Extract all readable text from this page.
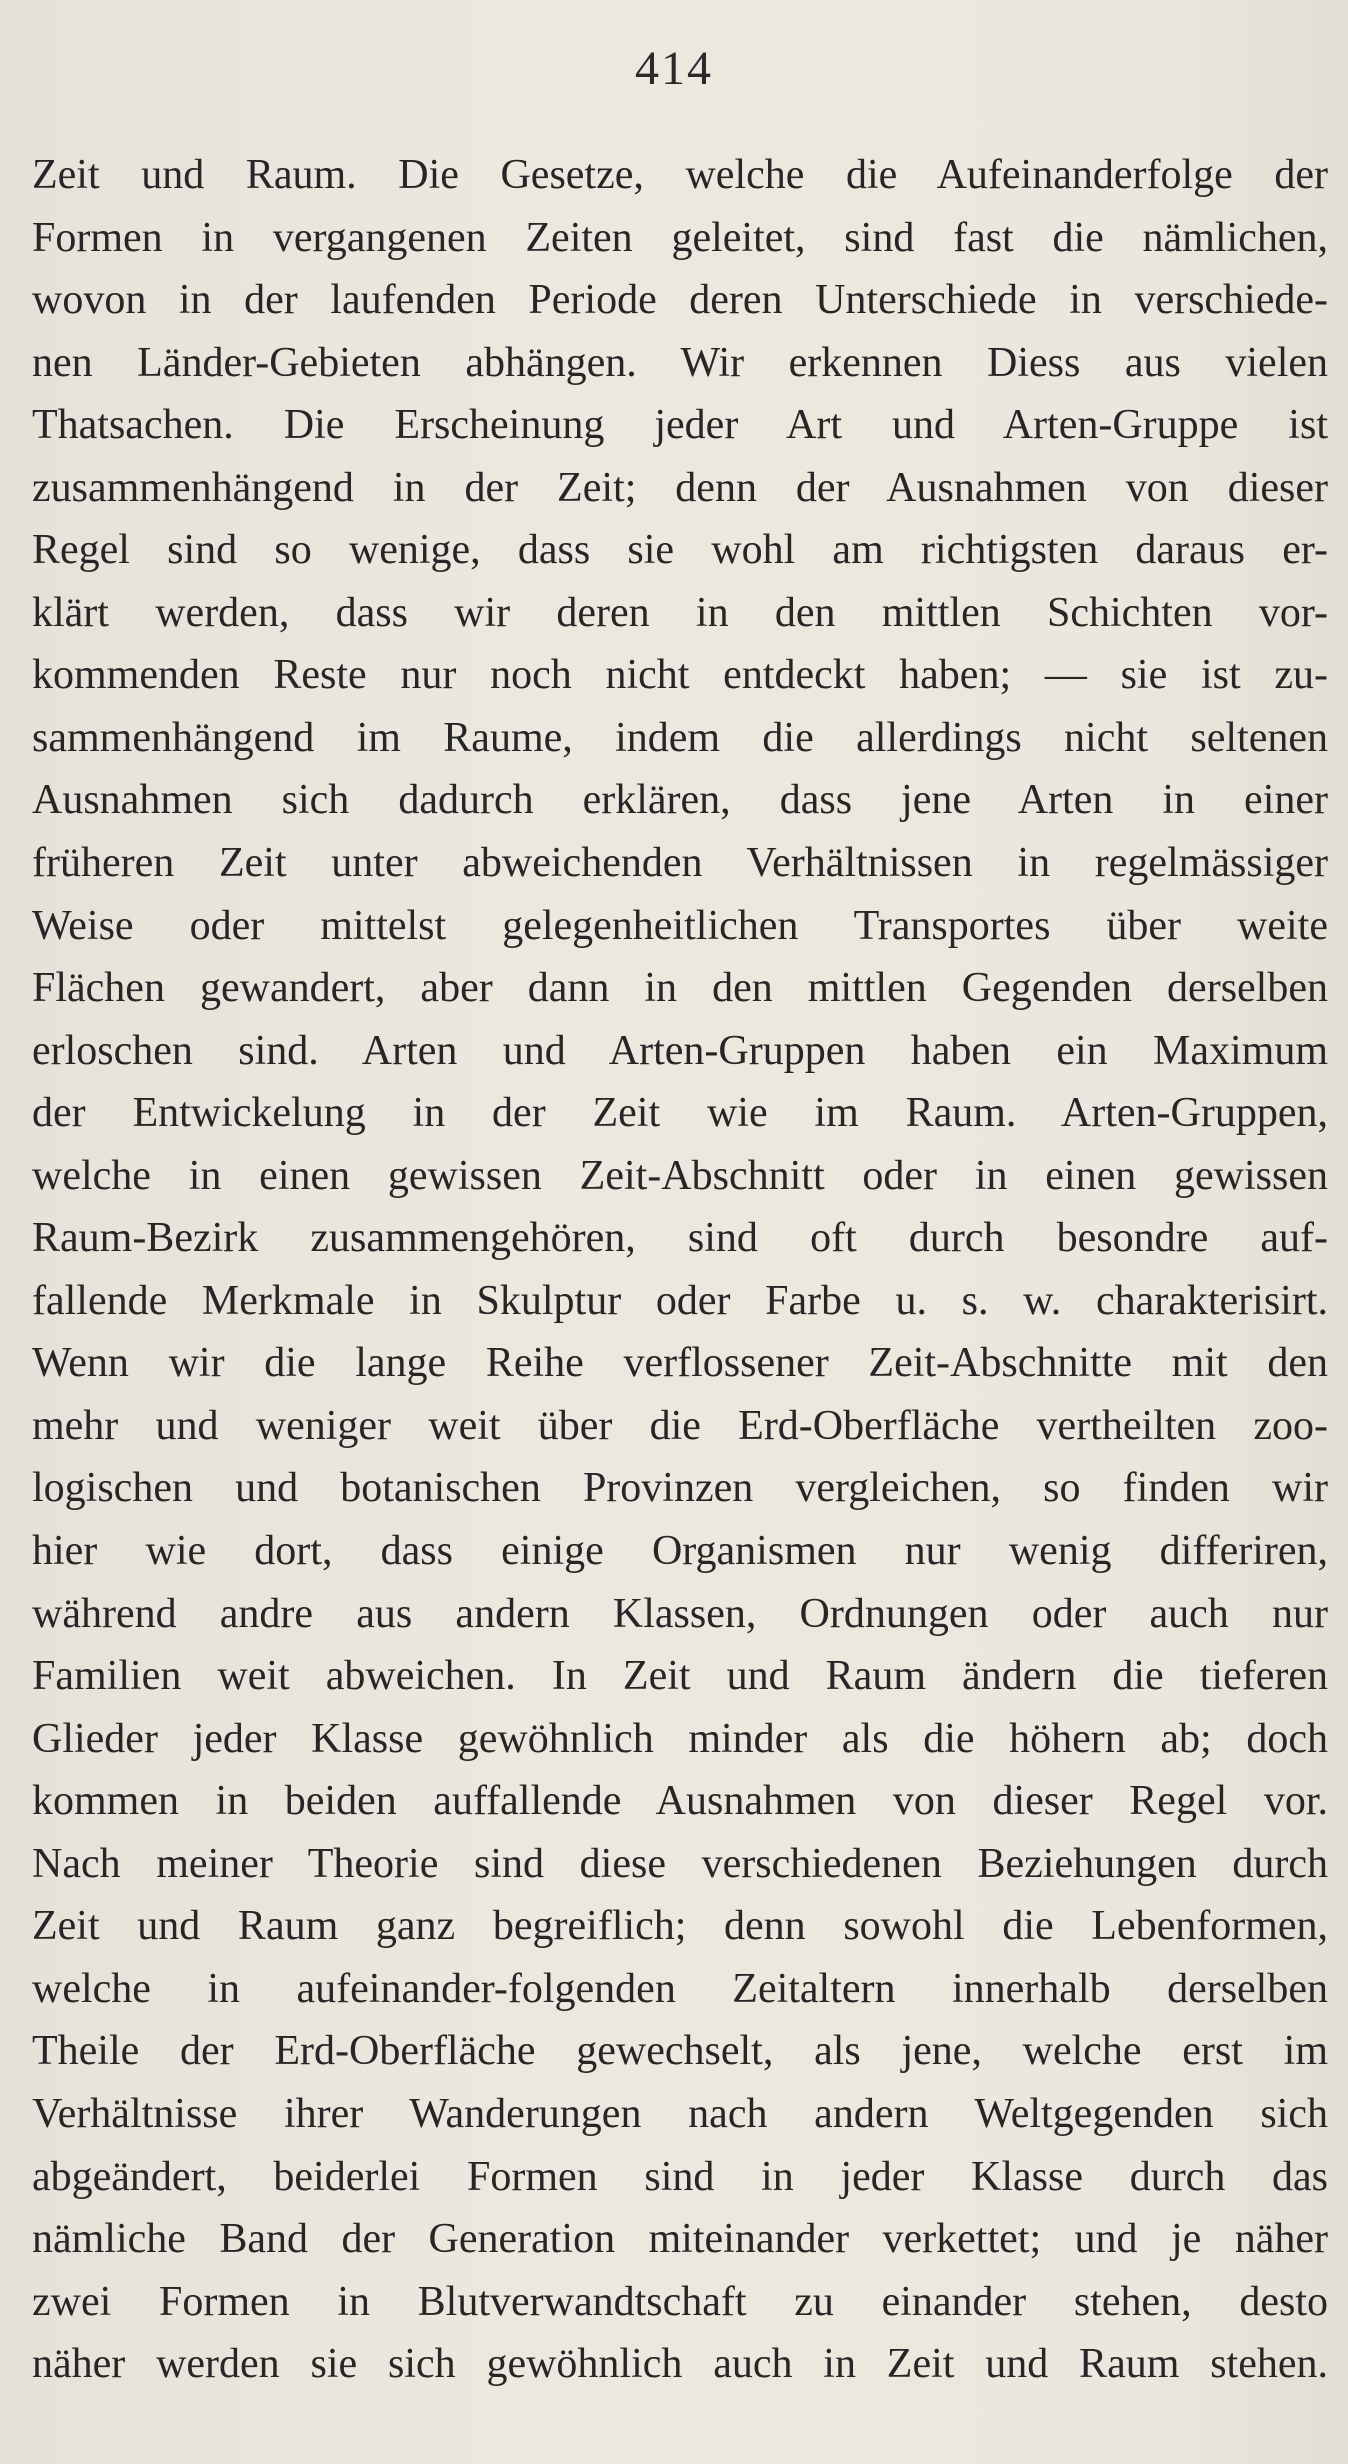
414
Zeit und Raum. Die Gesetze, welche die Aufeinanderfolge der
Formen in vergangenen Zeiten geleitet, sind fast die nämlichen,
wovon in der laufenden Periode deren Unterschiede in verschiede-
nen Länder-Gebieten abhängen. Wir erkennen Diess aus vielen
Thatsachen. Die Erscheinung jeder Art und Arten-Gruppe ist
zusammenhängend in der Zeit; denn der Ausnahmen von dieser
Regel sind so wenige, dass sie wohl am richtigsten daraus er-
klärt werden, dass wir deren in den mittlen Schichten vor-
kommenden Reste nur noch nicht entdeckt haben; — sie ist zu-
sammenhängend im Raume, indem die allerdings nicht seltenen
Ausnahmen sich dadurch erklären, dass jene Arten in einer
früheren Zeit unter abweichenden Verhältnissen in regelmässiger
Weise oder mittelst gelegenheitlichen Transportes über weite
Flächen gewandert, aber dann in den mittlen Gegenden derselben
erloschen sind. Arten und Arten-Gruppen haben ein Maximum
der Entwickelung in der Zeit wie im Raum. Arten-Gruppen,
welche in einen gewissen Zeit-Abschnitt oder in einen gewissen
Raum-Bezirk zusammengehören, sind oft durch besondre auf-
fallende Merkmale in Skulptur oder Farbe u. s. w. charakterisirt.
Wenn wir die lange Reihe verflossener Zeit-Abschnitte mit den
mehr und weniger weit über die Erd-Oberfläche vertheilten zoo-
logischen und botanischen Provinzen vergleichen, so finden wir
hier wie dort, dass einige Organismen nur wenig differiren,
während andre aus andern Klassen, Ordnungen oder auch nur
Familien weit abweichen. In Zeit und Raum ändern die tieferen
Glieder jeder Klasse gewöhnlich minder als die höhern ab; doch
kommen in beiden auffallende Ausnahmen von dieser Regel vor.
Nach meiner Theorie sind diese verschiedenen Beziehungen durch
Zeit und Raum ganz begreiflich; denn sowohl die Lebenformen,
welche in aufeinander-folgenden Zeitaltern innerhalb derselben
Theile der Erd-Oberfläche gewechselt, als jene, welche erst im
Verhältnisse ihrer Wanderungen nach andern Weltgegenden sich
abgeändert, beiderlei Formen sind in jeder Klasse durch das
nämliche Band der Generation miteinander verkettet; und je näher
zwei Formen in Blutverwandtschaft zu einander stehen, desto
näher werden sie sich gewöhnlich auch in Zeit und Raum stehen.
